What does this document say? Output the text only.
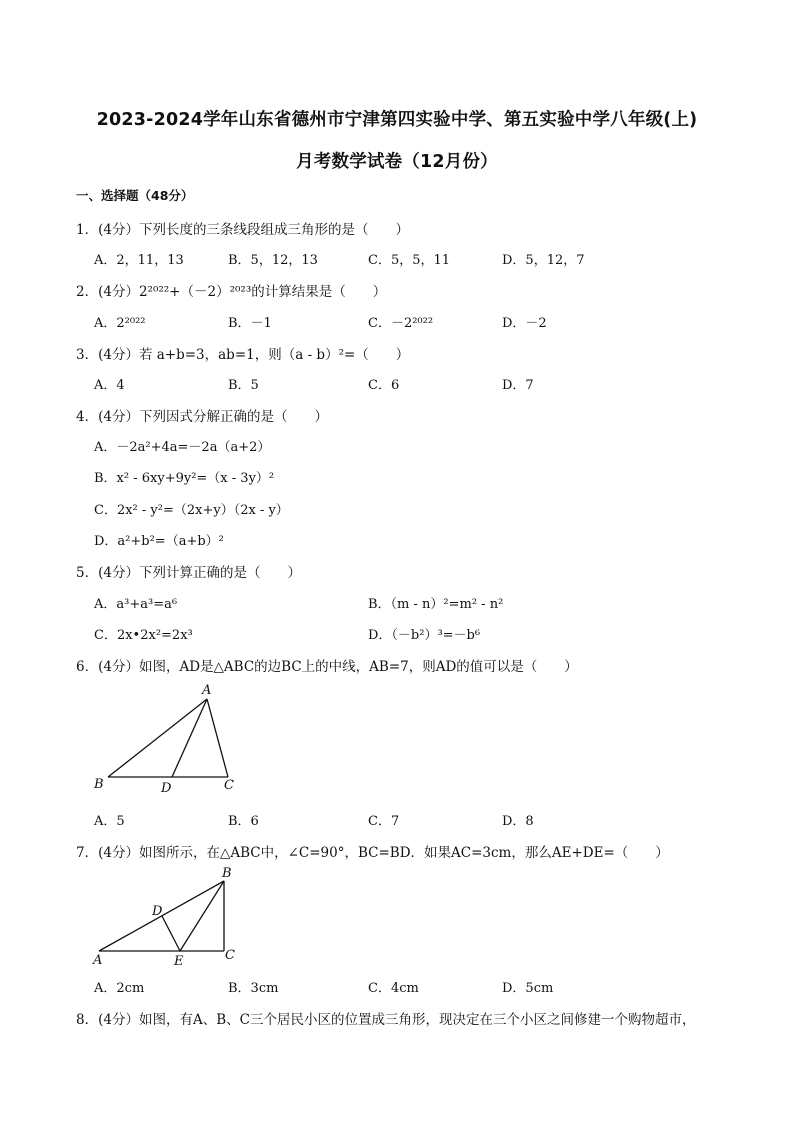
2023-2024学年山东省德州市宁津第四实验中学、第五实验中学八年级(上)
月考数学试卷（12月份）
一、选择题（48分）
1．(4分）下列长度的三条线段组成三角形的是（　　）
A．2，11，13	B．5，12，13	C．5，5，11	D．5，12，7
2．(4分）2²⁰²²+（－2）²⁰²³的计算结果是（　　）
A．2²⁰²²	B．－1	C．－2²⁰²²	D．－2
3．(4分）若 a+b=3，ab=1，则（a - b）²=（　　）
A．4	B．5	C．6	D．7
4．(4分）下列因式分解正确的是（　　）
A．－2a²+4a=－2a（a+2）
B．x² - 6xy+9y²=（x - 3y）²
C．2x² - y²=（2x+y）（2x - y）
D．a²+b²=（a+b）²
5．(4分）下列计算正确的是（　　）
A．a³+a³=a⁶	B．（m - n）²=m² - n²
C．2x•2x²=2x³	D．（－b²）³=－b⁶
6．(4分）如图，AD是△ABC的边BC上的中线，AB=7，则AD的值可以是（　　）
A
B	D	C
A．5	B．6	C．7	D．8
7．(4分）如图所示，在△ABC中，∠C=90°，BC=BD．如果AC=3cm，那么AE+DE=（　　）
B
D
A	E	C
A．2cm	B．3cm	C．4cm	D．5cm
8．(4分）如图，有A、B、C三个居民小区的位置成三角形，现决定在三个小区之间修建一个购物超市，
